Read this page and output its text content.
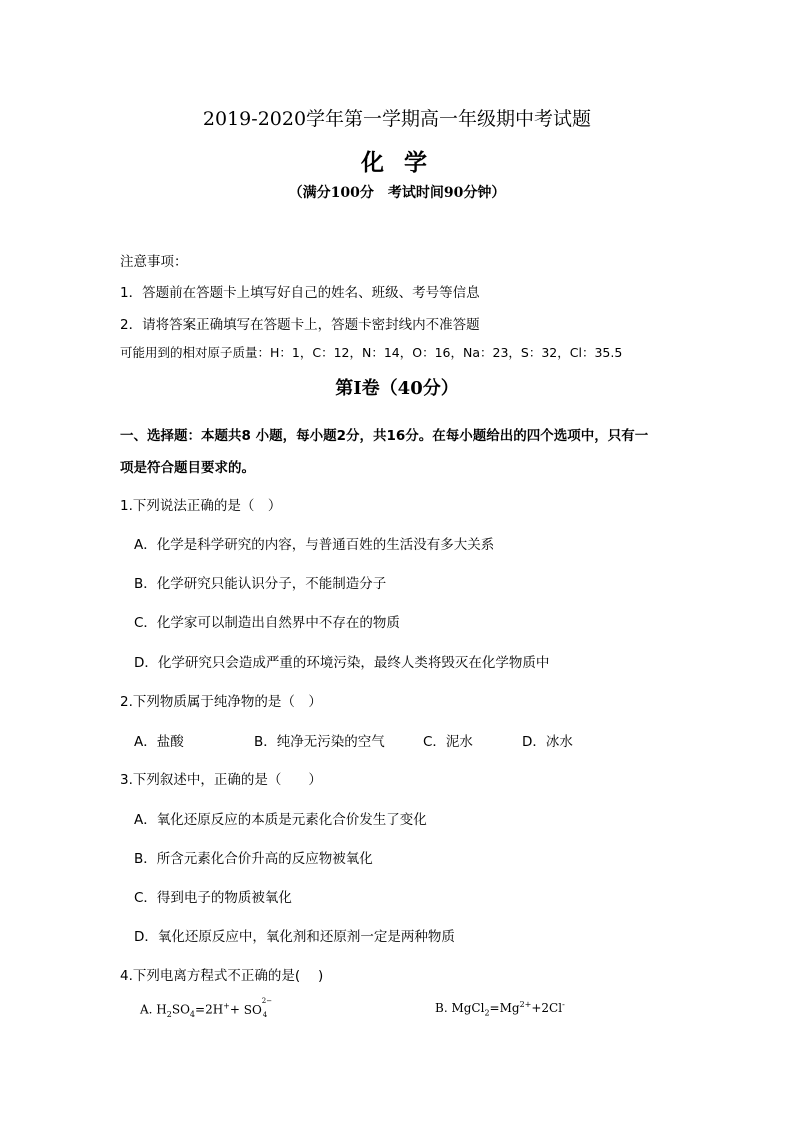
2019-2020学年第一学期高一年级期中考试题
化 学
（满分100分　考试时间90分钟）
注意事项：
1．答题前在答题卡上填写好自己的姓名、班级、考号等信息
2．请将答案正确填写在答题卡上，答题卡密封线内不准答题
可能用到的相对原子质量：H：1，C：12，N：14，O：16，Na：23，S：32，Cl：35.5
第Ⅰ卷（40分）
一、选择题：本题共8 小题，每小题2分，共16分。在每小题给出的四个选项中，只有一
项是符合题目要求的。
1.下列说法正确的是（　）
A．化学是科学研究的内容，与普通百姓的生活没有多大关系
B．化学研究只能认识分子，不能制造分子
C．化学家可以制造出自然界中不存在的物质
D．化学研究只会造成严重的环境污染，最终人类将毁灭在化学物质中
2.下列物质属于纯净物的是（　）
A．盐酸	B．纯净无污染的空气	C．泥水	D．冰水
3.下列叙述中，正确的是（　　）
A．氧化还原反应的本质是元素化合价发生了变化
B．所含元素化合价升高的反应物被氧化
C．得到电子的物质被氧化
D．氧化还原反应中，氧化剂和还原剂一定是两种物质
4.下列电离方程式不正确的是(　 )
A. $H_2SO_4=2H^++$ SO
2−
4	B. $MgCl_2=Mg^{2+}+2Cl^-$
